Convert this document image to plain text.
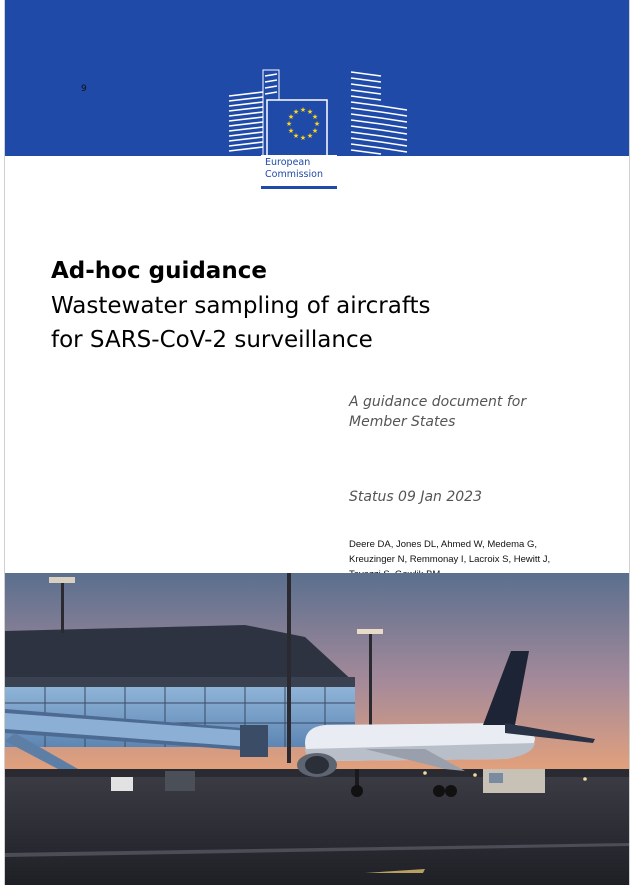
9
★ ★
★
★
★
★
★
★
★
★
★
★
European
Commission
Ad-hoc guidance
Wastewater sampling of aircrafts
for SARS-CoV-2 surveillance
A guidance document for
Member States
Status 09 Jan 2023
Deere DA, Jones DL, Ahmed W, Medema G,
Kreuzinger N, Remmonay I, Lacroix S, Hewitt J,
